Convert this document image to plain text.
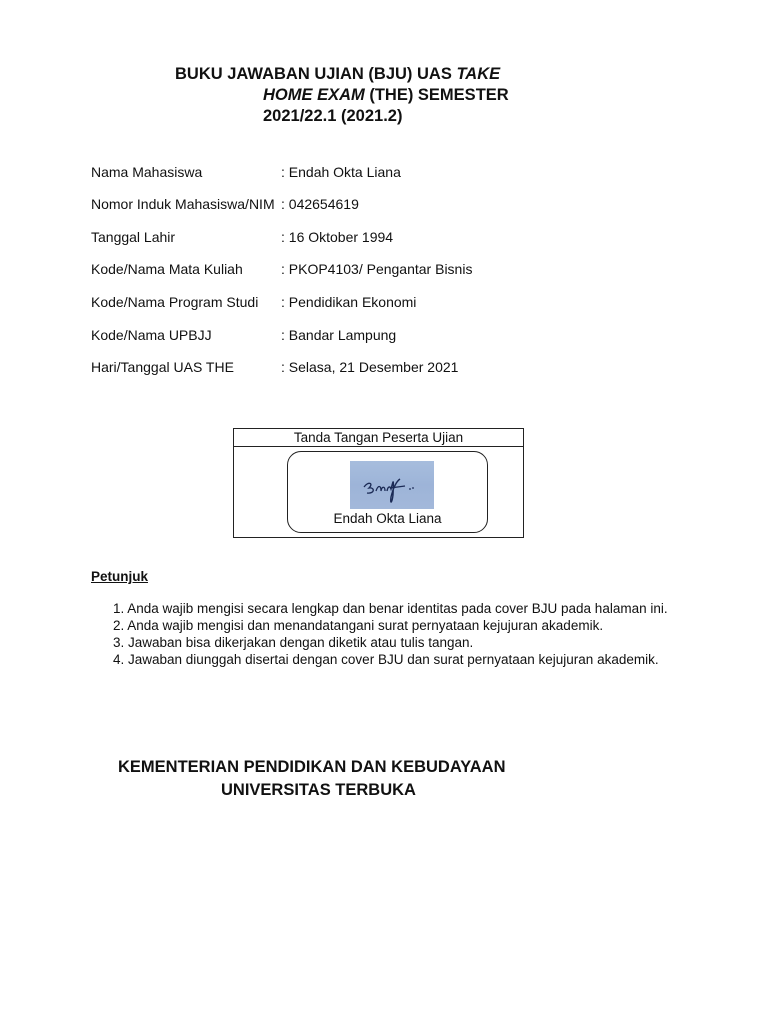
BUKU JAWABAN UJIAN (BJU) UAS TAKE
HOME EXAM (THE) SEMESTER
2021/22.1 (2021.2)
Nama Mahasiswa	: Endah Okta Liana
Nomor Induk Mahasiswa/NIM : 042654619
Tanggal Lahir	: 16 Oktober 1994
Kode/Nama Mata Kuliah	: PKOP4103/ Pengantar Bisnis
Kode/Nama Program Studi : Pendidikan Ekonomi
Kode/Nama UPBJJ	: Bandar Lampung
Hari/Tanggal UAS THE	: Selasa, 21 Desember 2021
Tanda Tangan Peserta Ujian
Endah Okta Liana
Petunjuk
1. Anda wajib mengisi secara lengkap dan benar identitas pada cover BJU pada halaman ini.
2. Anda wajib mengisi dan menandatangani surat pernyataan kejujuran akademik.
3. Jawaban bisa dikerjakan dengan diketik atau tulis tangan.
4. Jawaban diunggah disertai dengan cover BJU dan surat pernyataan kejujuran akademik.
KEMENTERIAN PENDIDIKAN DAN KEBUDAYAAN
UNIVERSITAS TERBUKA
